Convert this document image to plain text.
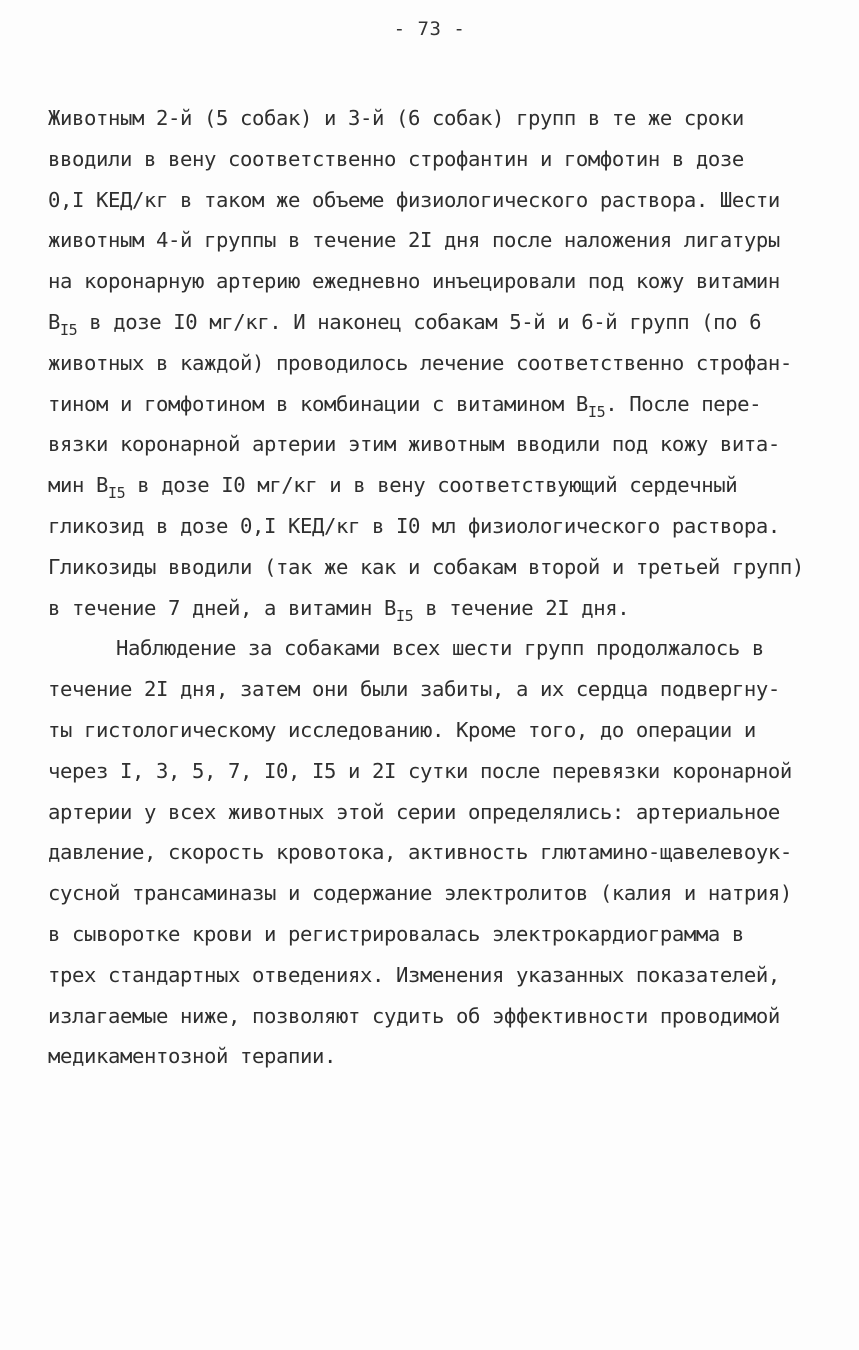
- 73 -
Животным 2-й (5 собак) и 3-й (6 собак) групп в те же сроки
вводили в вену соответственно строфантин и гомфотин в дозе
0,I КЕД/кг в таком же объеме физиологического раствора. Шести
животным 4-й группы в течение 2I дня после наложения лигатуры
на коронарную артерию ежедневно инъецировали под кожу витамин
$В_{I5}$ в дозе I0 мг/кг. И наконец собакам 5-й и 6-й групп (по 6
животных в каждой) проводилось лечение соответственно строфан-
тином и гомфотином в комбинации с витамином $В_{I5}$. После пере-
вязки коронарной артерии этим животным вводили под кожу вита-
мин $В_{I5}$ в дозе I0 мг/кг и в вену соответствующий сердечный
гликозид в дозе 0,I КЕД/кг в I0 мл физиологического раствора.
Гликозиды вводили (так же как и собакам второй и третьей групп)
в течение 7 дней, а витамин $В_{I5}$ в течение 2I дня.
Наблюдение за собаками всех шести групп продолжалось в
течение 2I дня, затем они были забиты, а их сердца подвергну-
ты гистологическому исследованию. Кроме того, до операции и
через I, 3, 5, 7, I0, I5 и 2I сутки после перевязки коронарной
артерии у всех животных этой серии определялись: артериальное
давление, скорость кровотока, активность глютамино-щавелевоук-
сусной трансаминазы и содержание электролитов (калия и натрия)
в сыворотке крови и регистрировалась электрокардиограмма в
трех стандартных отведениях. Изменения указанных показателей,
излагаемые ниже, позволяют судить об эффективности проводимой
медикаментозной терапии.
